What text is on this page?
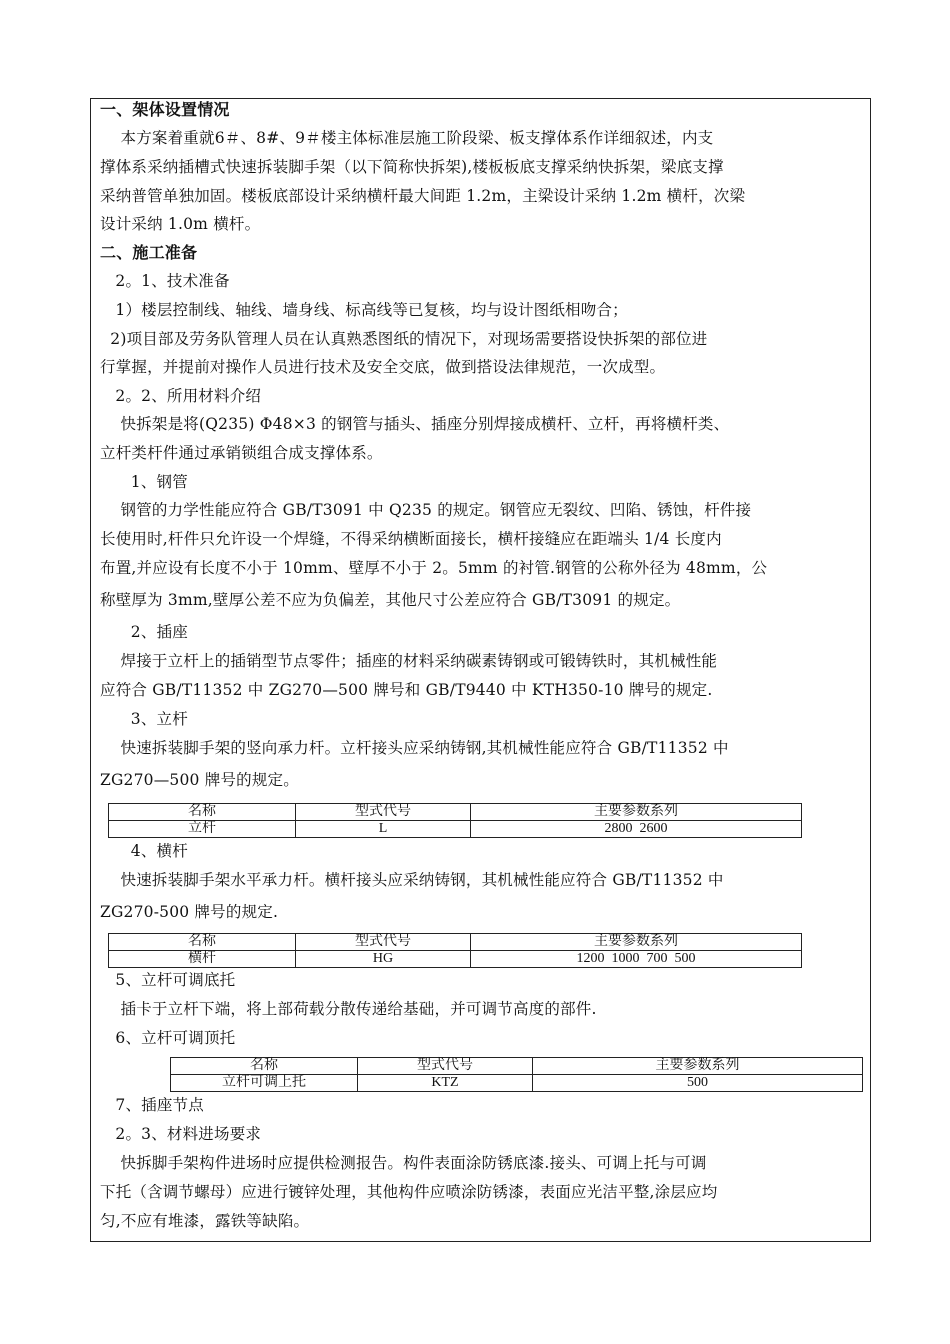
一、架体设置情况
本方案着重就6＃、8#、9＃楼主体标准层施工阶段梁、板支撑体系作详细叙述，内支
撑体系采纳插槽式快速拆装脚手架（以下简称快拆架),楼板板底支撑采纳快拆架，梁底支撑
采纳普管单独加固。楼板底部设计采纳横杆最大间距 1.2m，主梁设计采纳 1.2m 横杆，次梁
设计采纳 1.0m 横杆。
二、施工准备
2。1、技术准备
1）楼层控制线、轴线、墙身线、标高线等已复核，均与设计图纸相吻合；
2)项目部及劳务队管理人员在认真熟悉图纸的情况下，对现场需要搭设快拆架的部位进
行掌握，并提前对操作人员进行技术及安全交底，做到搭设法律规范，一次成型。
2。2、所用材料介绍
快拆架是将(Q235) Φ48×3 的钢管与插头、插座分别焊接成横杆、立杆，再将横杆类、
立杆类杆件通过承销锁组合成支撑体系。
1、钢管
钢管的力学性能应符合 GB/T3091 中 Q235 的规定。钢管应无裂纹、凹陷、锈蚀，杆件接
长使用时,杆件只允许设一个焊缝，不得采纳横断面接长，横杆接缝应在距端头 1/4 长度内
布置,并应设有长度不小于 10mm、壁厚不小于 2。5mm 的衬管.钢管的公称外径为 48mm，公
称壁厚为 3mm,壁厚公差不应为负偏差，其他尺寸公差应符合 GB/T3091 的规定。
2、插座
焊接于立杆上的插销型节点零件；插座的材料采纳碳素铸钢或可锻铸铁时，其机械性能
应符合 GB/T11352 中 ZG270—500 牌号和 GB/T9440 中 KTH350-10 牌号的规定.
3、立杆
快速拆装脚手架的竖向承力杆。立杆接头应采纳铸钢,其机械性能应符合 GB/T11352 中
ZG270—500 牌号的规定。
名称	型式代号	主要参数系列
立杆	L	2800  2600
4、横杆
快速拆装脚手架水平承力杆。横杆接头应采纳铸钢，其机械性能应符合 GB/T11352 中
ZG270-500 牌号的规定.
名称	型式代号	主要参数系列
横杆	HG	1200  1000  700  500
5、立杆可调底托
插卡于立杆下端，将上部荷载分散传递给基础，并可调节高度的部件.
6、立杆可调顶托
名称	型式代号	主要参数系列
立杆可调上托	KTZ	500
7、插座节点
2。3、材料进场要求
快拆脚手架构件进场时应提供检测报告。构件表面涂防锈底漆.接头、可调上托与可调
下托（含调节螺母）应进行镀锌处理，其他构件应喷涂防锈漆，表面应光洁平整,涂层应均
匀,不应有堆漆，露铁等缺陷。
